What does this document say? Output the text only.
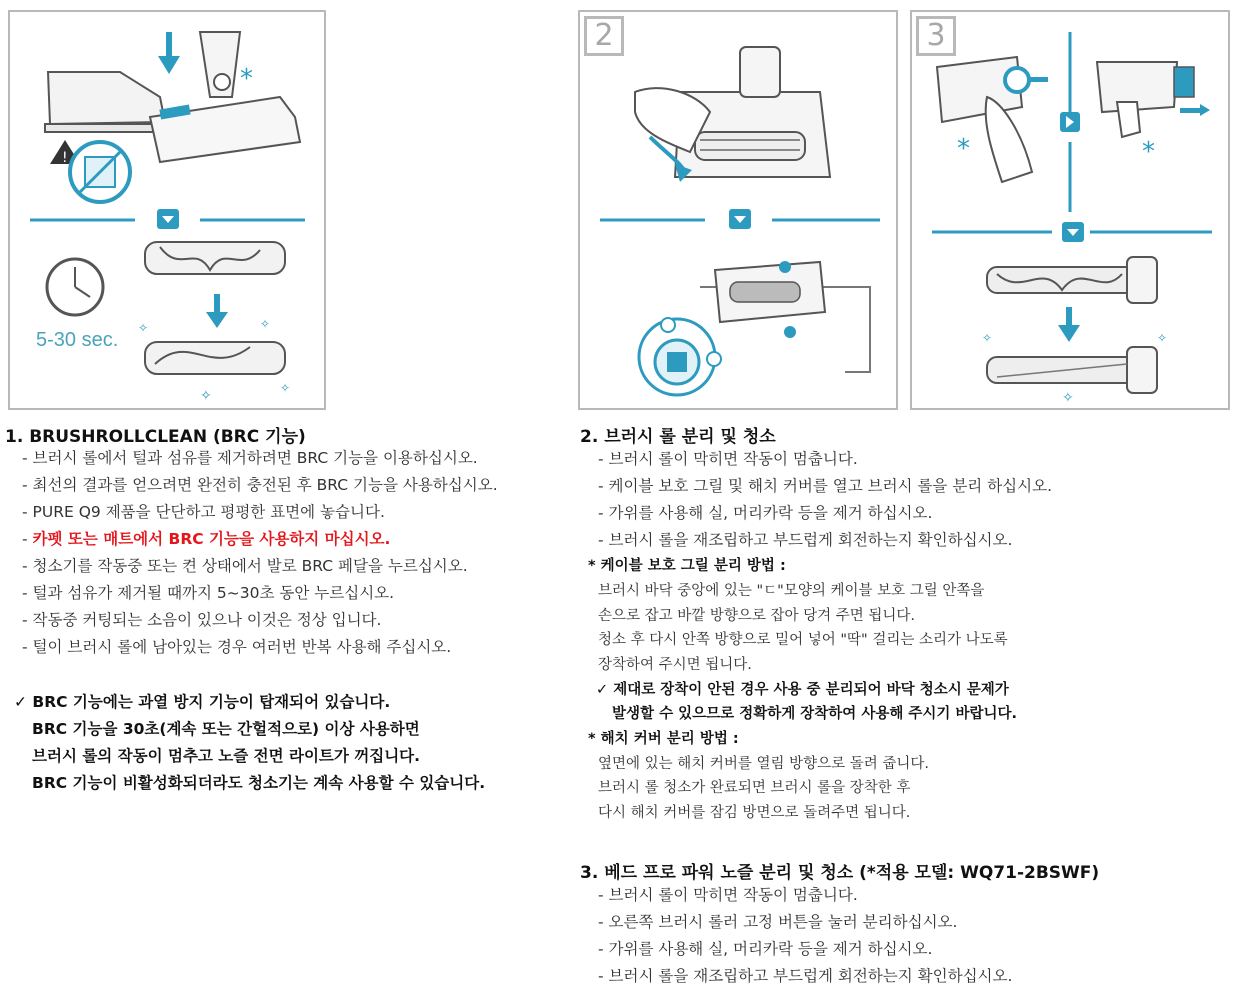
*
!
✧	✧
✧	✧
5-30 sec.
2
*	*
✧	✧
✧
3
1. BRUSHROLLCLEAN (BRC 기능)
- 브러시 롤에서 털과 섬유를 제거하려면 BRC 기능을 이용하십시오.
- 최선의 결과를 얻으려면 완전히 충전된 후 BRC 기능을 사용하십시오.
- PURE Q9 제품을 단단하고 평평한 표면에 놓습니다.
- 카펫 또는 매트에서 BRC 기능을 사용하지 마십시오.
- 청소기를 작동중 또는 켠 상태에서 발로 BRC 페달을 누르십시오.
- 털과 섬유가 제거될 때까지 5~30초 동안 누르십시오.
- 작동중 커팅되는 소음이 있으나 이것은 정상 입니다.
- 털이 브러시 롤에 남아있는 경우 여러번 반복 사용해 주십시오.
✓ BRC 기능에는 과열 방지 기능이 탑재되어 있습니다.
BRC 기능을 30초(계속 또는 간헐적으로) 이상 사용하면
브러시 롤의 작동이 멈추고 노즐 전면 라이트가 꺼집니다.
BRC 기능이 비활성화되더라도 청소기는 계속 사용할 수 있습니다.
2. 브러시 롤 분리 및 청소
- 브러시 롤이 막히면 작동이 멈춥니다.
- 케이블 보호 그릴 및 해치 커버를 열고 브러시 롤을 분리 하십시오.
- 가위를 사용해 실, 머리카락 등을 제거 하십시오.
- 브러시 롤을 재조립하고 부드럽게 회전하는지 확인하십시오.
* 케이블 보호 그릴 분리 방법 :
브러시 바닥 중앙에 있는 "ㄷ"모양의 케이블 보호 그릴 안쪽을
손으로 잡고 바깥 방향으로 잡아 당겨 주면 됩니다.
청소 후 다시 안쪽 방향으로 밀어 넣어 "딱" 걸리는 소리가 나도록
장착하여 주시면 됩니다.
✓ 제대로 장착이 안된 경우 사용 중 분리되어 바닥 청소시 문제가
발생할 수 있으므로 정확하게 장착하여 사용해 주시기 바랍니다.
* 해치 커버 분리 방법 :
옆면에 있는 해치 커버를 열림 방향으로 돌려 줍니다.
브러시 롤 청소가 완료되면 브러시 롤을 장착한 후
다시 해치 커버를 잠김 방면으로 돌려주면 됩니다.
3. 베드 프로 파워 노즐 분리 및 청소 (*적용 모델: WQ71-2BSWF)
- 브러시 롤이 막히면 작동이 멈춥니다.
- 오른쪽 브러시 롤러 고정 버튼을 눌러 분리하십시오.
- 가위를 사용해 실, 머리카락 등을 제거 하십시오.
- 브러시 롤을 재조립하고 부드럽게 회전하는지 확인하십시오.
